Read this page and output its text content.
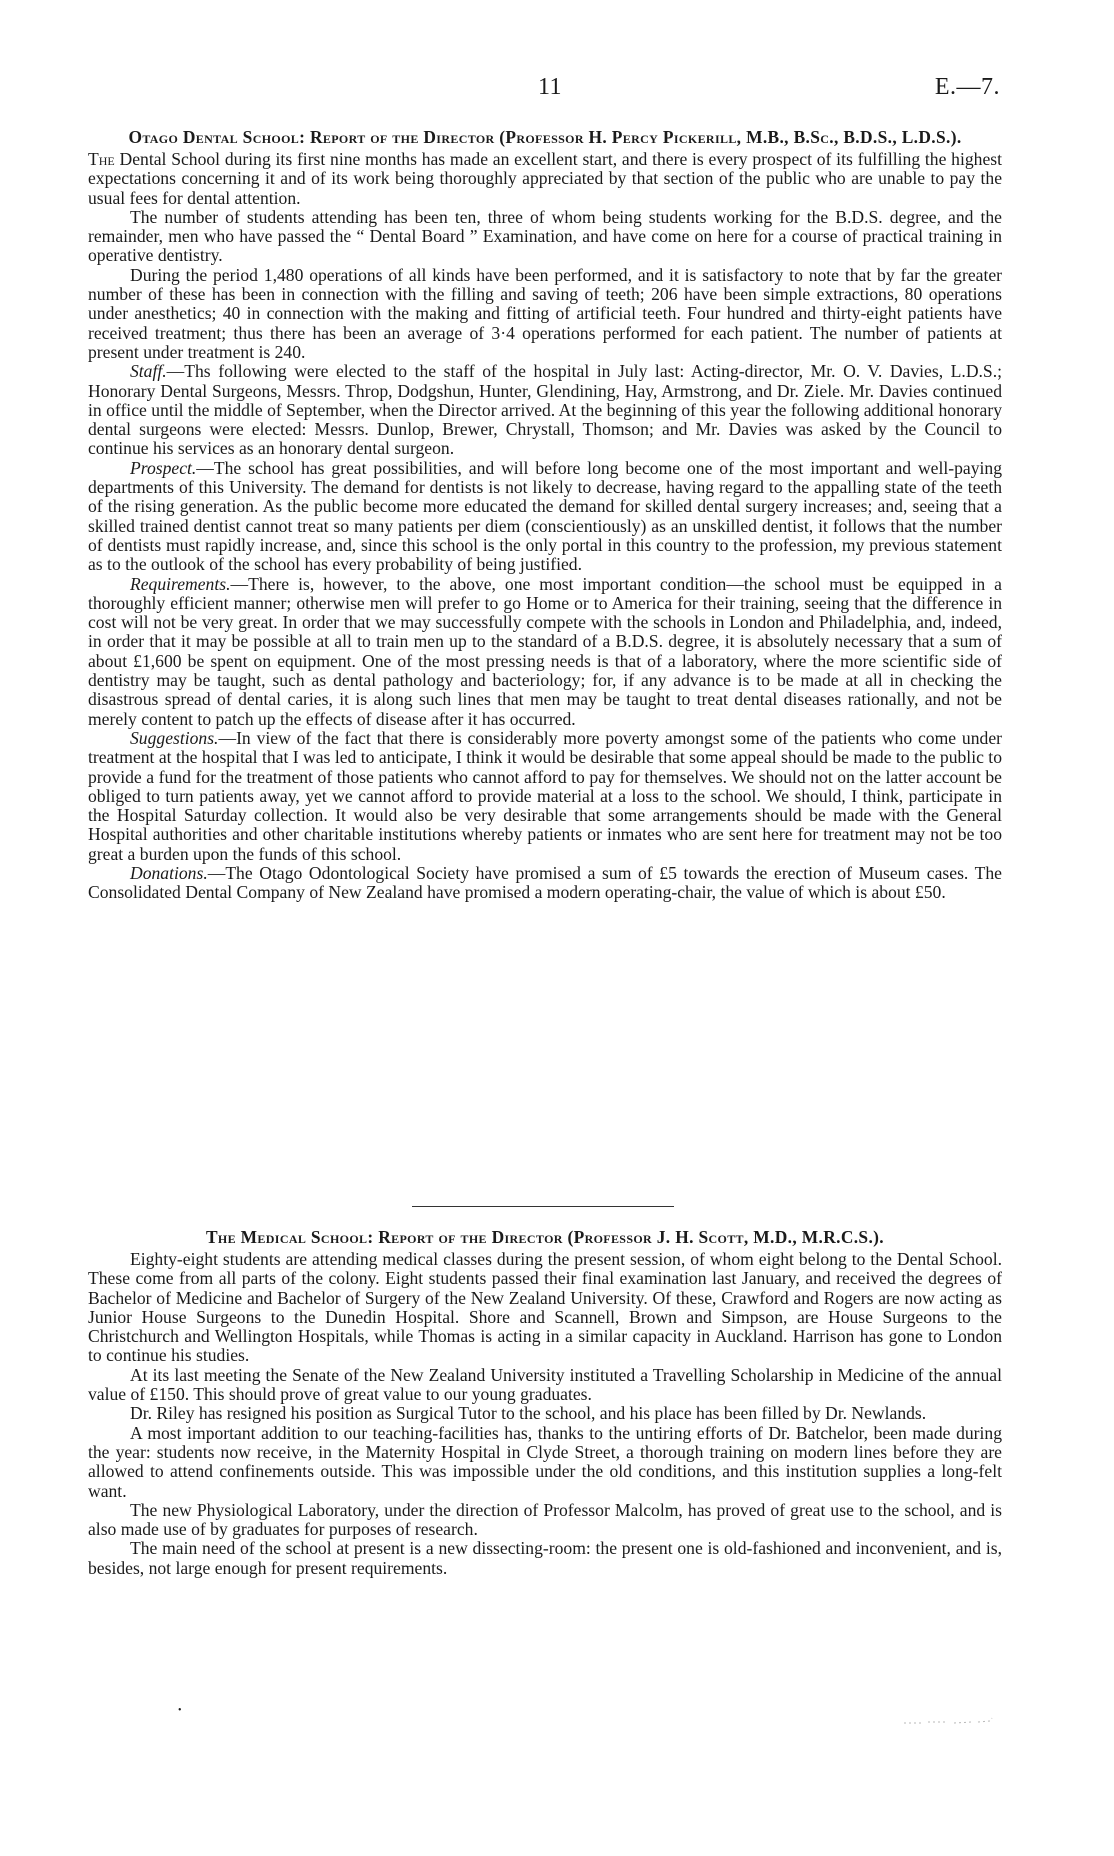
11	E.—7.
Otago Dental School: Report of the Director (Professor H. Percy Pickerill, M.B., B.Sc., B.D.S., L.D.S.).

The Dental School during its first nine months has made an excellent start, and there is every prospect of its fulfilling the highest expectations concerning it and of its work being thoroughly appreciated by that section of the public who are unable to pay the usual fees for dental attention.

The number of students attending has been ten, three of whom being students working for the B.D.S. degree, and the remainder, men who have passed the “ Dental Board ” Examination, and have come on here for a course of practical training in operative dentistry.

During the period 1,480 operations of all kinds have been performed, and it is satisfactory to note that by far the greater number of these has been in connection with the filling and saving of teeth; 206 have been simple extractions, 80 operations under anesthetics; 40 in connection with the making and fitting of artificial teeth. Four hundred and thirty-eight patients have received treatment; thus there has been an average of 3·4 operations performed for each patient. The number of patients at present under treatment is 240.

Staff.—Ths following were elected to the staff of the hospital in July last: Acting-director, Mr. O. V. Davies, L.D.S.; Honorary Dental Surgeons, Messrs. Throp, Dodgshun, Hunter, Glendining, Hay, Armstrong, and Dr. Ziele. Mr. Davies continued in office until the middle of September, when the Director arrived. At the beginning of this year the following additional honorary dental surgeons were elected: Messrs. Dunlop, Brewer, Chrystall, Thomson; and Mr. Davies was asked by the Council to continue his services as an honorary dental surgeon.

Prospect.—The school has great possibilities, and will before long become one of the most important and well-paying departments of this University. The demand for dentists is not likely to decrease, having regard to the appalling state of the teeth of the rising generation. As the public become more educated the demand for skilled dental surgery increases; and, seeing that a skilled trained dentist cannot treat so many patients per diem (conscientiously) as an unskilled dentist, it follows that the number of dentists must rapidly increase, and, since this school is the only portal in this country to the profession, my previous statement as to the outlook of the school has every probability of being justified.

Requirements.—There is, however, to the above, one most important condition—the school must be equipped in a thoroughly efficient manner; otherwise men will prefer to go Home or to America for their training, seeing that the difference in cost will not be very great. In order that we may successfully compete with the schools in London and Philadelphia, and, indeed, in order that it may be possible at all to train men up to the standard of a B.D.S. degree, it is absolutely necessary that a sum of about £1,600 be spent on equipment. One of the most pressing needs is that of a laboratory, where the more scientific side of dentistry may be taught, such as dental pathology and bacteriology; for, if any advance is to be made at all in checking the disastrous spread of dental caries, it is along such lines that men may be taught to treat dental diseases rationally, and not be merely content to patch up the effects of disease after it has occurred.

Suggestions.—In view of the fact that there is considerably more poverty amongst some of the patients who come under treatment at the hospital that I was led to anticipate, I think it would be desirable that some appeal should be made to the public to provide a fund for the treatment of those patients who cannot afford to pay for themselves. We should not on the latter account be obliged to turn patients away, yet we cannot afford to provide material at a loss to the school. We should, I think, participate in the Hospital Saturday collection. It would also be very desirable that some arrangements should be made with the General Hospital authorities and other charitable institutions whereby patients or inmates who are sent here for treatment may not be too great a burden upon the funds of this school.

Donations.—The Otago Odontological Society have promised a sum of £5 towards the erection of Museum cases. The Consolidated Dental Company of New Zealand have promised a modern operating-chair, the value of which is about £50.

The Medical School: Report of the Director (Professor J. H. Scott, M.D., M.R.C.S.).

Eighty-eight students are attending medical classes during the present session, of whom eight belong to the Dental School. These come from all parts of the colony. Eight students passed their final examination last January, and received the degrees of Bachelor of Medicine and Bachelor of Surgery of the New Zealand University. Of these, Crawford and Rogers are now acting as Junior House Surgeons to the Dunedin Hospital. Shore and Scannell, Brown and Simpson, are House Surgeons to the Christchurch and Wellington Hospitals, while Thomas is acting in a similar capacity in Auckland. Harrison has gone to London to continue his studies.

At its last meeting the Senate of the New Zealand University instituted a Travelling Scholarship in Medicine of the annual value of £150. This should prove of great value to our young graduates.

Dr. Riley has resigned his position as Surgical Tutor to the school, and his place has been filled by Dr. Newlands.

A most important addition to our teaching-facilities has, thanks to the untiring efforts of Dr. Batchelor, been made during the year: students now receive, in the Maternity Hospital in Clyde Street, a thorough training on modern lines before they are allowed to attend confinements outside. This was impossible under the old conditions, and this institution supplies a long-felt want.

The new Physiological Laboratory, under the direction of Professor Malcolm, has proved of great use to the school, and is also made use of by graduates for purposes of research.

The main need of the school at present is a new dissecting-room: the present one is old-fashioned and inconvenient, and is, besides, not large enough for present requirements.

•
